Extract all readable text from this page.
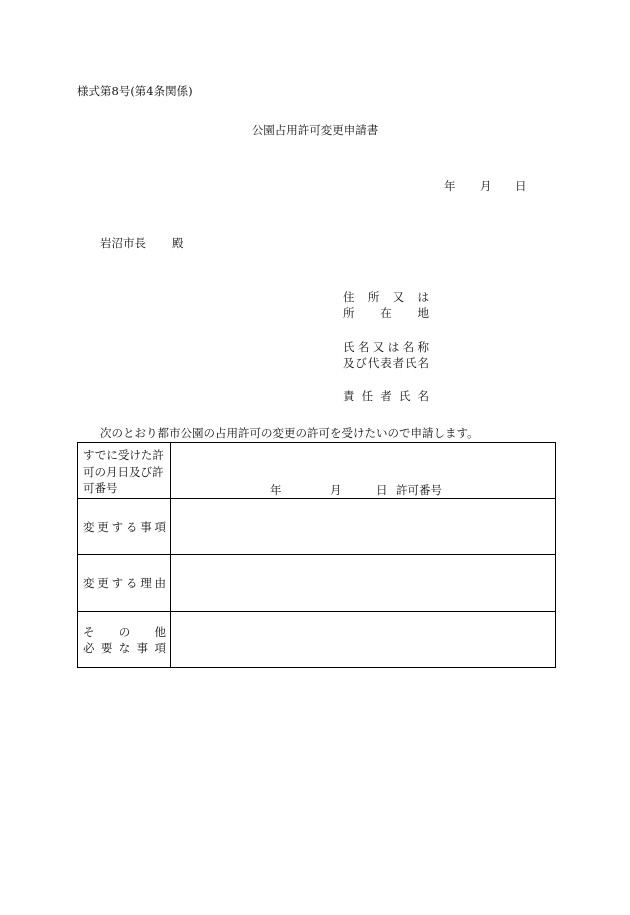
様式第8号(第4条関係)
公園占用許可変更申請書
年 月 日
岩沼市長 殿
住所又は
所在地
氏名又は名称
及び代表者氏名
責任者氏名
次のとおり都市公園の占用許可の変更の許可を受けたいので申請します。
すでに受けた許
可の月日及び許
可番号	年	月	日 許可番号
変更する事項
変更する理由
その他
必要な事項
